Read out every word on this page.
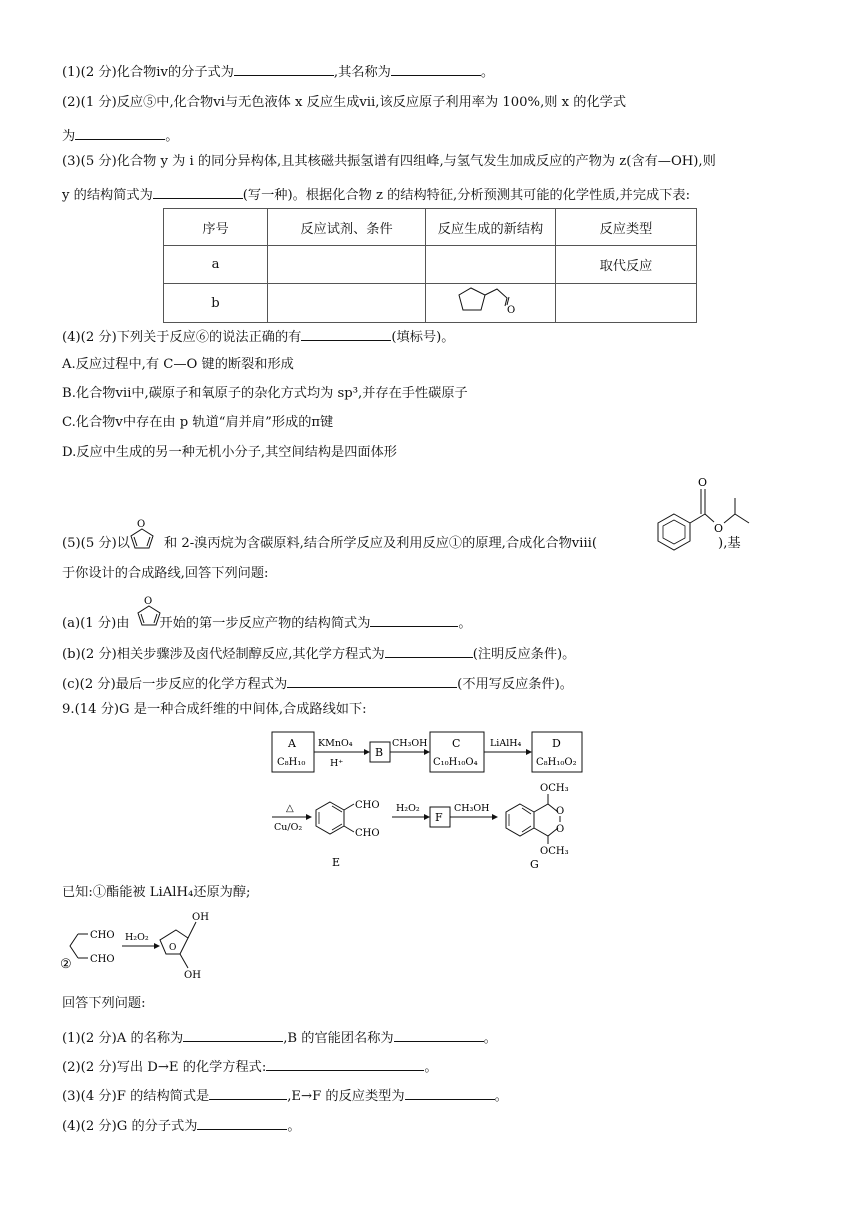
(1)(2 分)化合物ⅳ的分子式为	,其名称为	。
(2)(1 分)反应⑤中,化合物ⅵ与无色液体 x 反应生成ⅶ,该反应原子利用率为 100%,则 x 的化学式
为	。
(3)(5 分)化合物 y 为 ⅰ 的同分异构体,且其核磁共振氢谱有四组峰,与氢气发生加成反应的产物为 z(含有—OH),则
y 的结构简式为	(写一种)。根据化合物 z 的结构特征,分析预测其可能的化学性质,并完成下表:
序号	反应试剂、条件	反应生成的新结构	反应类型
a			取代反应
b		O	

(4)(2 分)下列关于反应⑥的说法正确的有	(填标号)。
A.反应过程中,有 C—O 键的断裂和形成
B.化合物ⅶ中,碳原子和氧原子的杂化方式均为 sp³,并存在手性碳原子
C.化合物ⅴ中存在由 p 轨道“肩并肩”形成的π键
D.反应中生成的另一种无机小分子,其空间结构是四面体形
(5)(5 分)以	和 2-溴丙烷为含碳原料,结合所学反应及利用反应①的原理,合成化合物ⅷ(	),基
O
O
O
于你设计的合成路线,回答下列问题:
(a)(1 分)由 开始的第一步反应产物的结构简式为	。
O
(b)(2 分)相关步骤涉及卤代烃制醇反应,其化学方程式为	(注明反应条件)。
(c)(2 分)最后一步反应的化学方程式为	(不用写反应条件)。
9.(14 分)G 是一种合成纤维的中间体,合成路线如下:
A
C₈H₁₀
KMnO₄
H⁺
B
CH₃OH C
C₁₀H₁₀O₄
LiAlH₄	D
C₈H₁₀O₂
△
Cu/O₂
CHO
CHO
E
H₂O₂
F
CH₃OH	O
O
OCH₃
OCH₃
G
已知:①酯能被 LiAlH₄还原为醇;
CHO
CHO
H₂O₂
O
OH
OH
②
回答下列问题:
(1)(2 分)A 的名称为	,B 的官能团名称为	。
(2)(2 分)写出 D→E 的化学方程式:	。
(3)(4 分)F 的结构简式是	,E→F 的反应类型为	。
(4)(2 分)G 的分子式为	。
